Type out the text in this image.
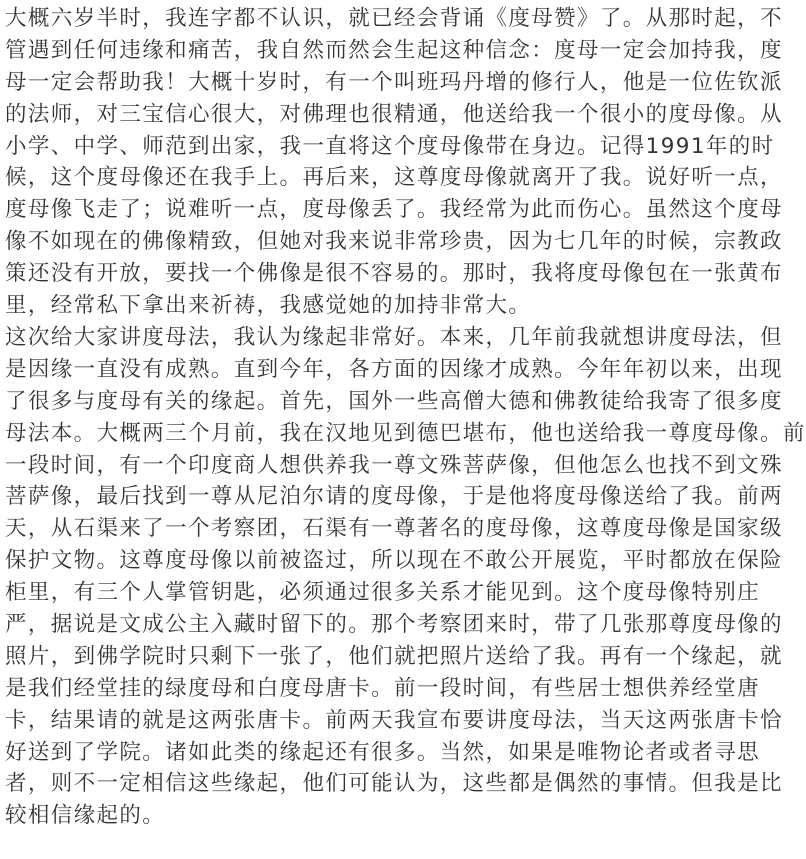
大概六岁半时，我连字都不认识，就已经会背诵《度母赞》了。从那时起，不
管遇到任何违缘和痛苦，我自然而然会生起这种信念：度母一定会加持我，度
母一定会帮助我！大概十岁时，有一个叫班玛丹增的修行人，他是一位佐钦派
的法师，对三宝信心很大，对佛理也很精通，他送给我一个很小的度母像。从
小学、中学、师范到出家，我一直将这个度母像带在身边。记得1991年的时
候，这个度母像还在我手上。再后来，这尊度母像就离开了我。说好听一点，
度母像飞走了；说难听一点，度母像丢了。我经常为此而伤心。虽然这个度母
像不如现在的佛像精致，但她对我来说非常珍贵，因为七几年的时候，宗教政
策还没有开放，要找一个佛像是很不容易的。那时，我将度母像包在一张黄布
里，经常私下拿出来祈祷，我感觉她的加持非常大。
这次给大家讲度母法，我认为缘起非常好。本来，几年前我就想讲度母法，但
是因缘一直没有成熟。直到今年，各方面的因缘才成熟。今年年初以来，出现
了很多与度母有关的缘起。首先，国外一些高僧大德和佛教徒给我寄了很多度
母法本。大概两三个月前，我在汉地见到德巴堪布，他也送给我一尊度母像。前
一段时间，有一个印度商人想供养我一尊文殊菩萨像，但他怎么也找不到文殊
菩萨像，最后找到一尊从尼泊尔请的度母像，于是他将度母像送给了我。前两
天，从石渠来了一个考察团，石渠有一尊著名的度母像，这尊度母像是国家级
保护文物。这尊度母像以前被盗过，所以现在不敢公开展览，平时都放在保险
柜里，有三个人掌管钥匙，必须通过很多关系才能见到。这个度母像特别庄
严，据说是文成公主入藏时留下的。那个考察团来时，带了几张那尊度母像的
照片，到佛学院时只剩下一张了，他们就把照片送给了我。再有一个缘起，就
是我们经堂挂的绿度母和白度母唐卡。前一段时间，有些居士想供养经堂唐
卡，结果请的就是这两张唐卡。前两天我宣布要讲度母法，当天这两张唐卡恰
好送到了学院。诸如此类的缘起还有很多。当然，如果是唯物论者或者寻思
者，则不一定相信这些缘起，他们可能认为，这些都是偶然的事情。但我是比
较相信缘起的。
